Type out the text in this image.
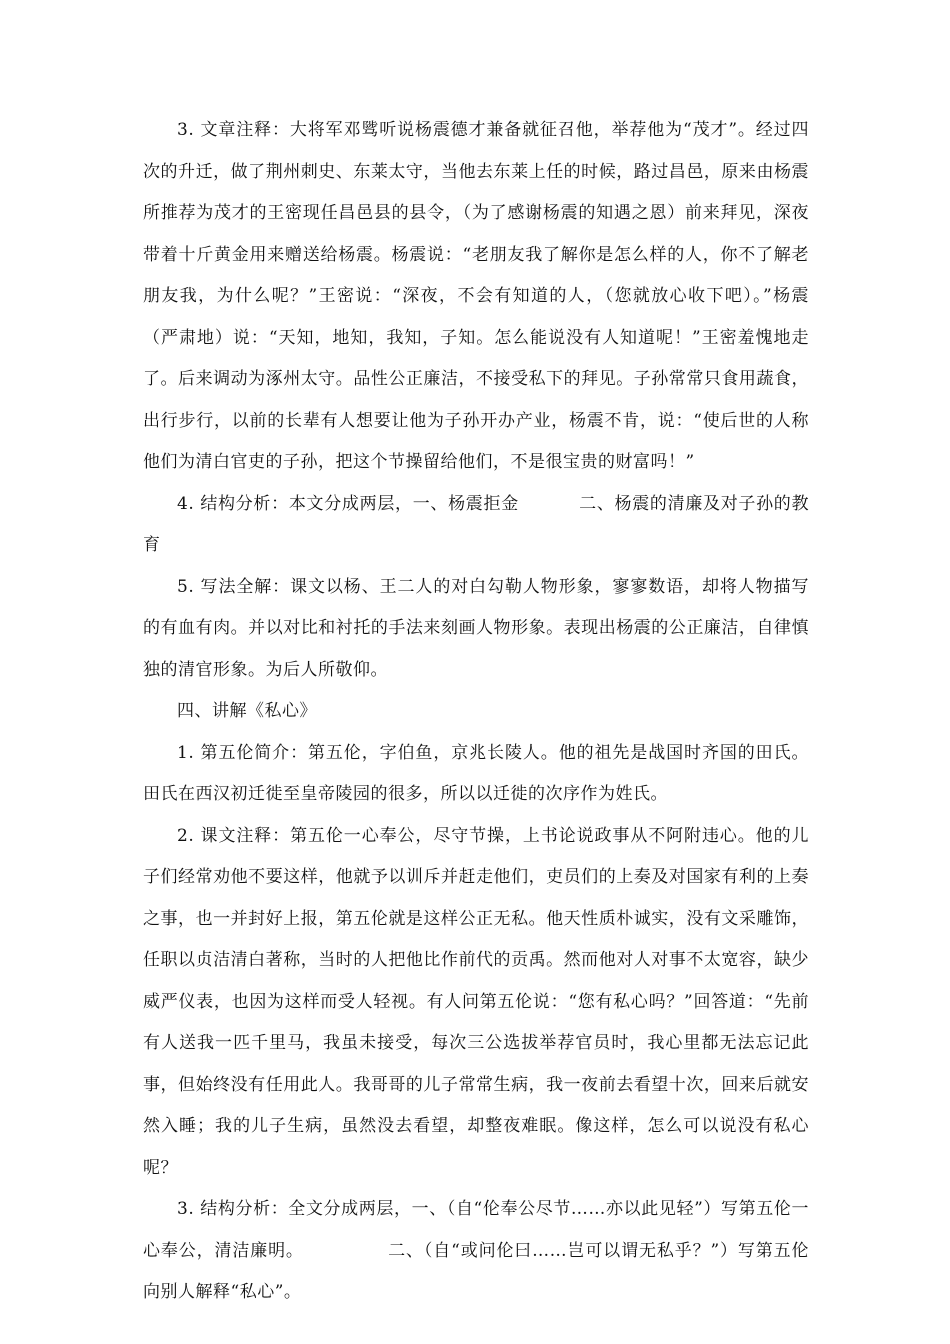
3. 文章注释：大将军邓骘听说杨震德才兼备就征召他，举荐他为“茂才”。经过四次的升迁，做了荆州刺史、东莱太守，当他去东莱上任的时候，路过昌邑，原来由杨震所推荐为茂才的王密现任昌邑县的县令，（为了感谢杨震的知遇之恩）前来拜见，深夜带着十斤黄金用来赠送给杨震。杨震说：“老朋友我了解你是怎么样的人，你不了解老朋友我，为什么呢？”王密说：“深夜，不会有知道的人，（您就放心收下吧）。”杨震（严肃地）说：“天知，地知，我知，子知。怎么能说没有人知道呢！”王密羞愧地走了。后来调动为涿州太守。品性公正廉洁，不接受私下的拜见。子孙常常只食用蔬食，出行步行，以前的长辈有人想要让他为子孙开办产业，杨震不肯，说：“使后世的人称他们为清白官吏的子孙，把这个节操留给他们，不是很宝贵的财富吗！”

4. 结构分析：本文分成两层，一、杨震拒金	二、杨震的清廉及对子孙的教育

5. 写法全解：课文以杨、王二人的对白勾勒人物形象，寥寥数语，却将人物描写的有血有肉。并以对比和衬托的手法来刻画人物形象。表现出杨震的公正廉洁，自律慎独的清官形象。为后人所敬仰。

四、讲解《私心》

1. 第五伦简介：第五伦，字伯鱼，京兆长陵人。他的祖先是战国时齐国的田氏。田氏在西汉初迁徙至皇帝陵园的很多，所以以迁徙的次序作为姓氏。

2. 课文注释：第五伦一心奉公，尽守节操，上书论说政事从不阿附违心。他的儿子们经常劝他不要这样，他就予以训斥并赶走他们，吏员们的上奏及对国家有利的上奏之事，也一并封好上报，第五伦就是这样公正无私。他天性质朴诚实，没有文采雕饰，任职以贞洁清白著称，当时的人把他比作前代的贡禹。然而他对人对事不太宽容，缺少威严仪表，也因为这样而受人轻视。有人问第五伦说：“您有私心吗？”回答道：“先前有人送我一匹千里马，我虽未接受，每次三公选拔举荐官员时，我心里都无法忘记此事，但始终没有任用此人。我哥哥的儿子常常生病，我一夜前去看望十次，回来后就安然入睡；我的儿子生病，虽然没去看望，却整夜难眠。像这样，怎么可以说没有私心呢？

3. 结构分析：全文分成两层，一、（自“伦奉公尽节……亦以此见轻”）写第五伦一心奉公，清洁廉明。	二、（自“或问伦曰……岂可以谓无私乎？”）写第五伦向别人解释“私心”。
